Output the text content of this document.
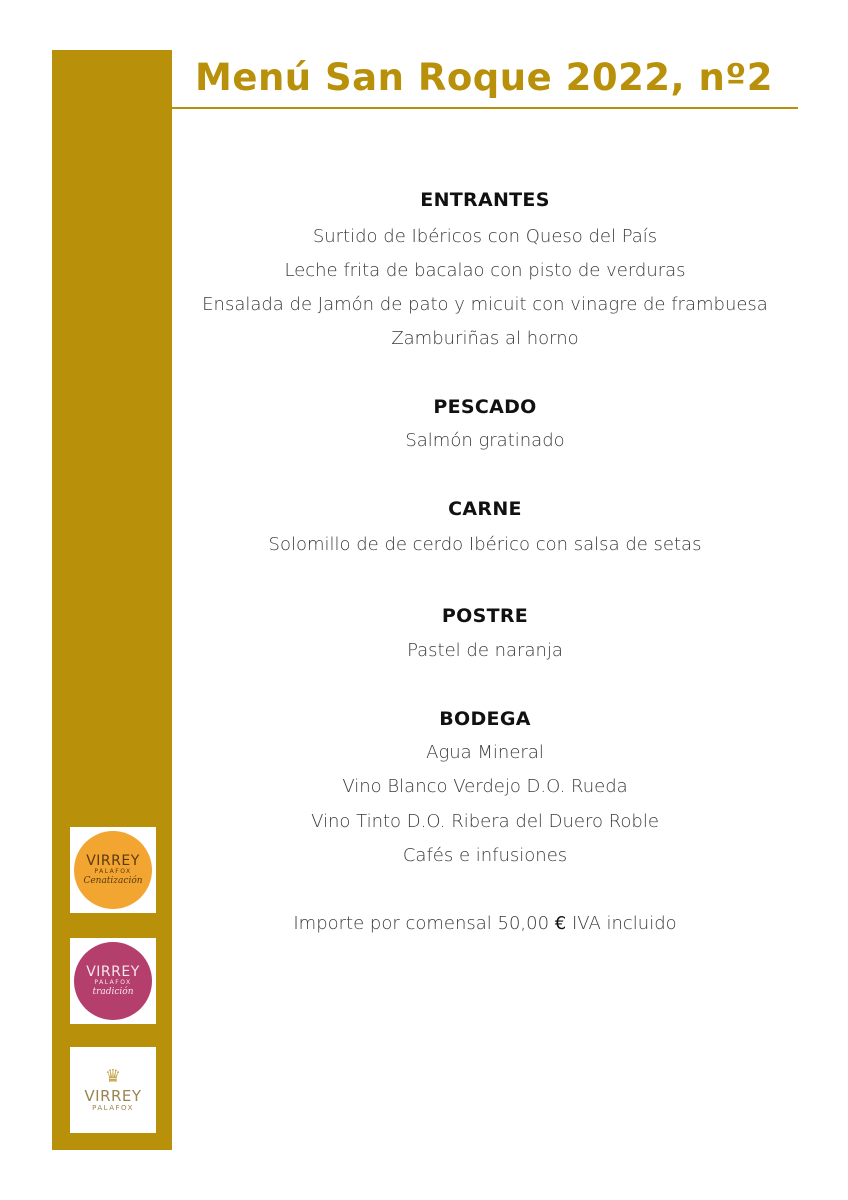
VIRREY
PALAFOX
Cenatización
VIRREY
PALAFOX
tradición
♛
VIRREY
PALAFOX
Menú San Roque 2022, nº2
ENTRANTES
Surtido de Ibéricos con Queso del País
Leche frita de bacalao con pisto de verduras
Ensalada de Jamón de pato y micuit con vinagre de frambuesa
Zamburiñas al horno
PESCADO
Salmón gratinado
CARNE
Solomillo de de cerdo Ibérico con salsa de setas
POSTRE
Pastel de naranja
BODEGA
Agua Mineral
Vino Blanco Verdejo D.O. Rueda
Vino Tinto D.O. Ribera del Duero Roble
Cafés e infusiones
Importe por comensal 50,00 € IVA incluido
